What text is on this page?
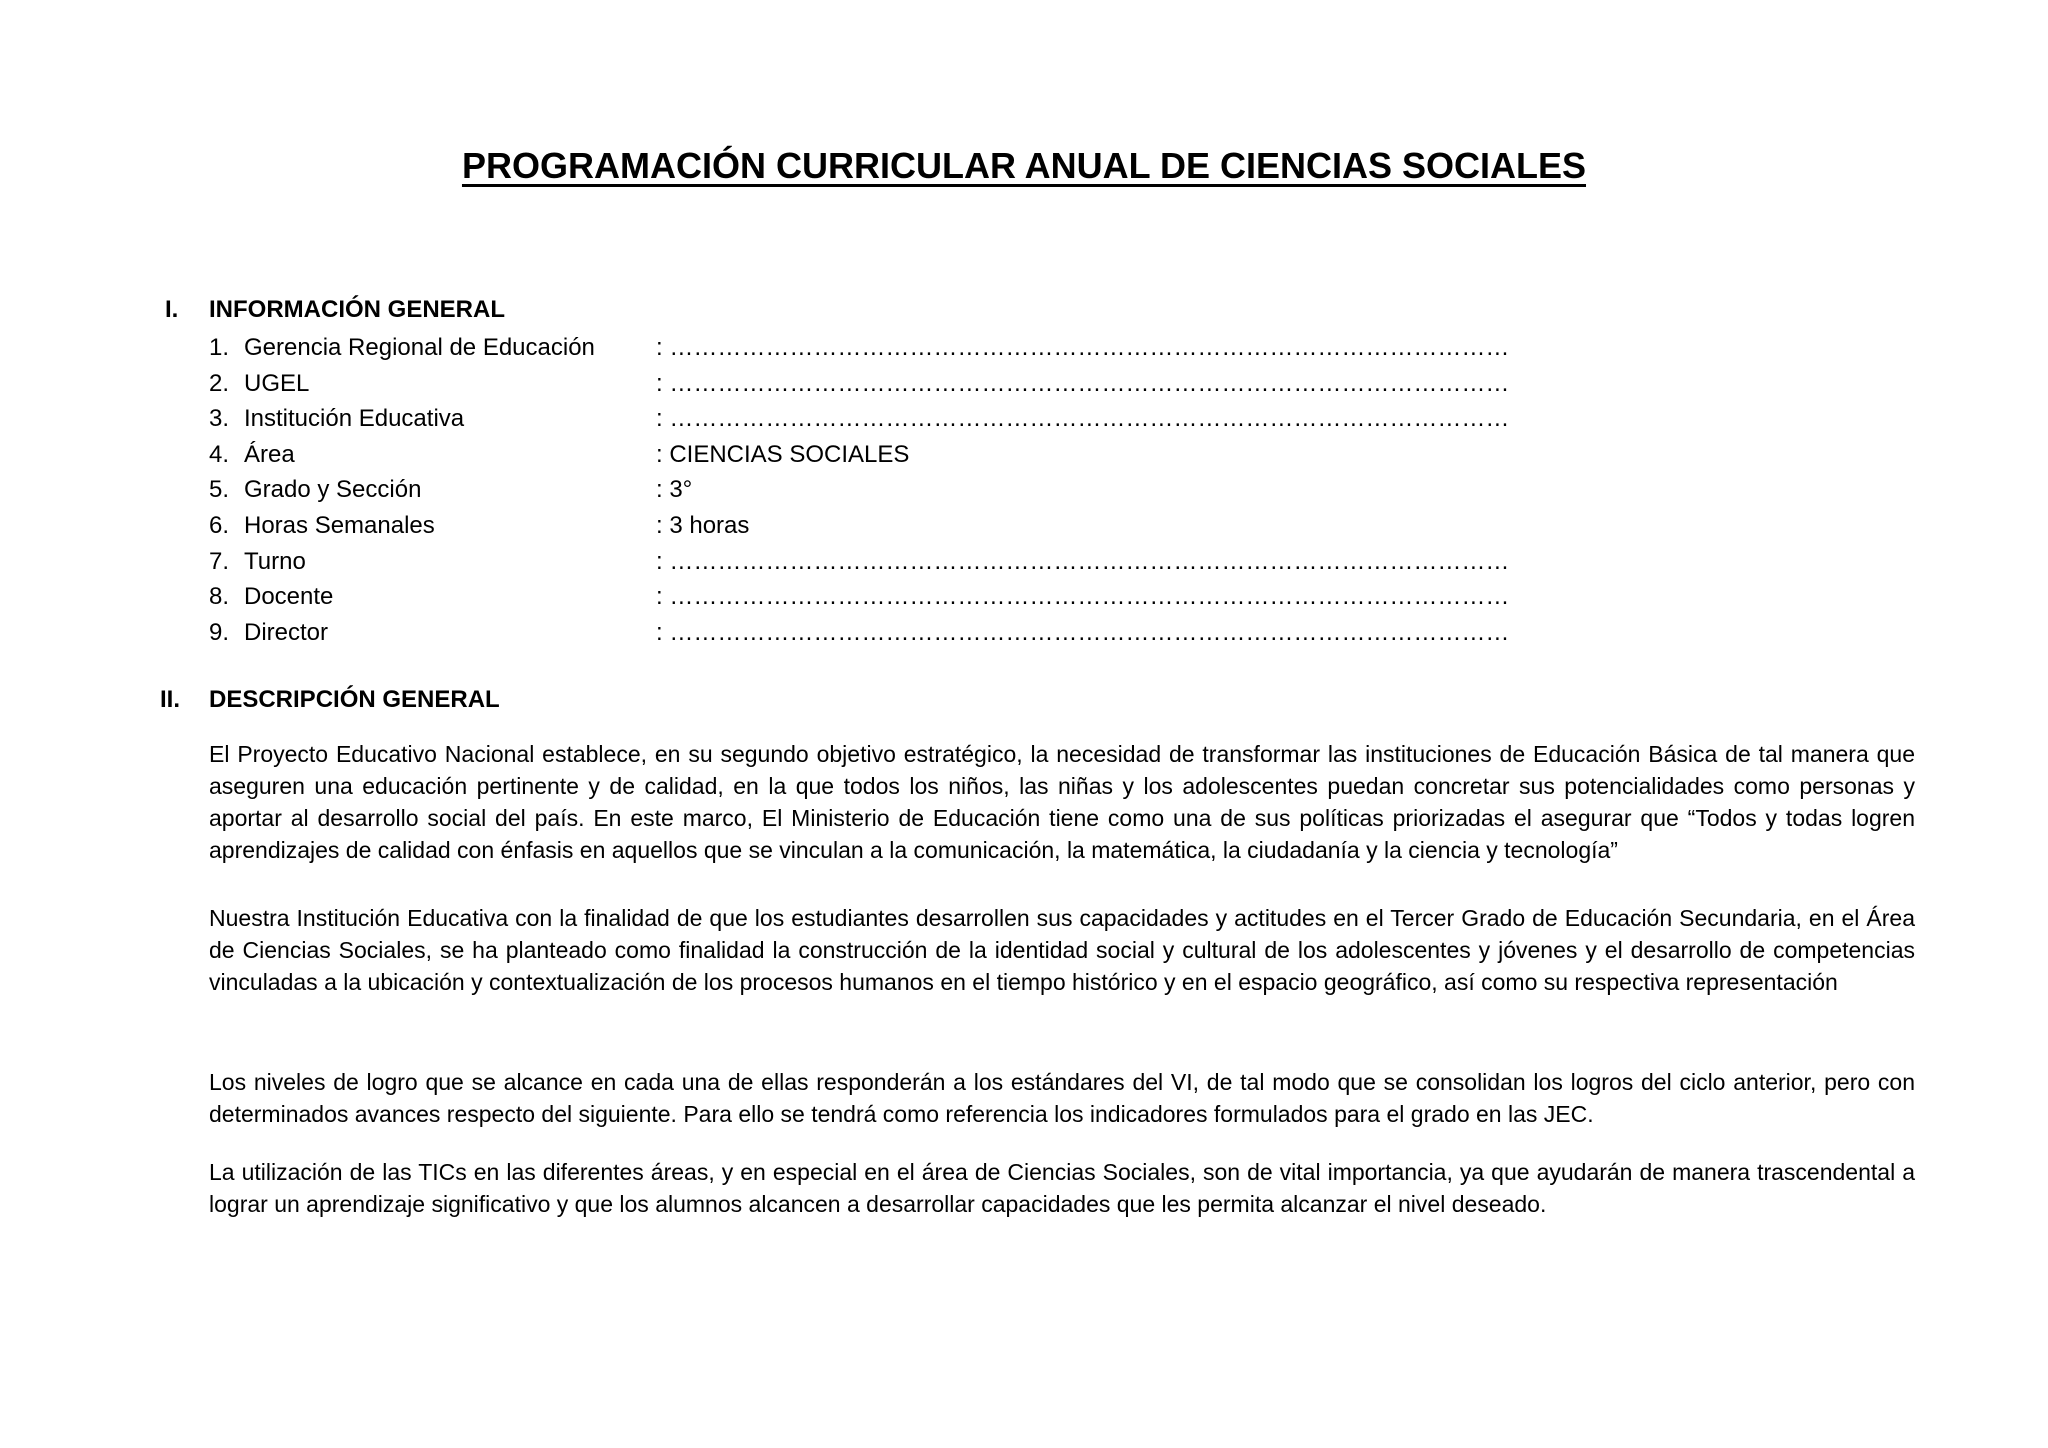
PROGRAMACIÓN CURRICULAR ANUAL DE CIENCIAS SOCIALES
I. INFORMACIÓN GENERAL
1. Gerencia Regional de Educación	: ……………………………………………………………………………………………
2. UGEL	: ……………………………………………………………………………………………
3. Institución Educativa	: ……………………………………………………………………………………………
4. Área	: CIENCIAS SOCIALES
5. Grado y Sección	: 3°
6. Horas Semanales	: 3 horas
7. Turno	: ……………………………………………………………………………………………
8. Docente	: ……………………………………………………………………………………………
9. Director	: ……………………………………………………………………………………………
II. DESCRIPCIÓN GENERAL

El Proyecto Educativo Nacional establece, en su segundo objetivo estratégico, la necesidad de transformar las instituciones de Educación Básica de tal manera que aseguren una educación pertinente y de calidad, en la que todos los niños, las niñas y los adolescentes puedan concretar sus potencialidades como personas y aportar al desarrollo social del país. En este marco, El Ministerio de Educación tiene como una de sus políticas priorizadas el asegurar que “Todos y todas logren aprendizajes de calidad con énfasis en aquellos que se vinculan a la comunicación, la matemática, la ciudadanía y la ciencia y tecnología”

Nuestra Institución Educativa con la finalidad de que los estudiantes desarrollen sus capacidades y actitudes en el Tercer Grado de Educación Secundaria, en el Área de Ciencias Sociales, se ha planteado como finalidad la construcción de la identidad social y cultural de los adolescentes y jóvenes y el desarrollo de competencias vinculadas a la ubicación y contextualización de los procesos humanos en el tiempo histórico y en el espacio geográfico, así como su respectiva representación

Los niveles de logro que se alcance en cada una de ellas responderán a los estándares del VI, de tal modo que se consolidan los logros del ciclo anterior, pero con determinados avances respecto del siguiente. Para ello se tendrá como referencia los indicadores formulados para el grado en las JEC.

La utilización de las TICs en las diferentes áreas, y en especial en el área de Ciencias Sociales, son de vital importancia, ya que ayudarán de manera trascendental a lograr un aprendizaje significativo y que los alumnos alcancen a desarrollar capacidades que les permita alcanzar el nivel deseado.
